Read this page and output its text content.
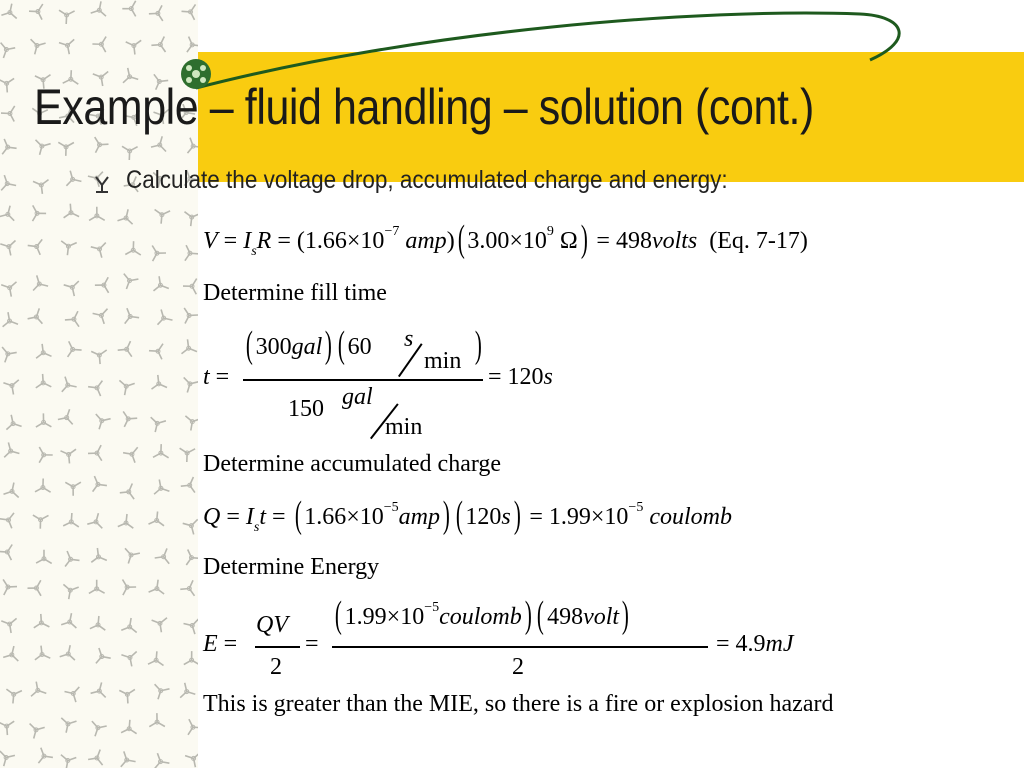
Example – fluid handling – solution (cont.)
Calculate the voltage drop, accumulated charge and energy:
$V = I_sR = (1.66\times 10^{-7}$ amp)( $3.00\times 10^9$ Ω) = 498volts (Eq. 7-17)
Determine fill time
t =
( 300gal) ( 60 s
min )
150 gal
min
= 120s
Determine accumulated charge
$Q = I_st$ = ( $1.66\times 10^{-5}amp$) ( $120s) = 1.99\times 10^{-5}$ coulomb
Determine Energy
E =
QV
2
=
( $1.99\times 10^{-5}coulomb$) ( 498volt)
2
= 4.9mJ
This is greater than the MIE, so there is a fire or explosion hazard
